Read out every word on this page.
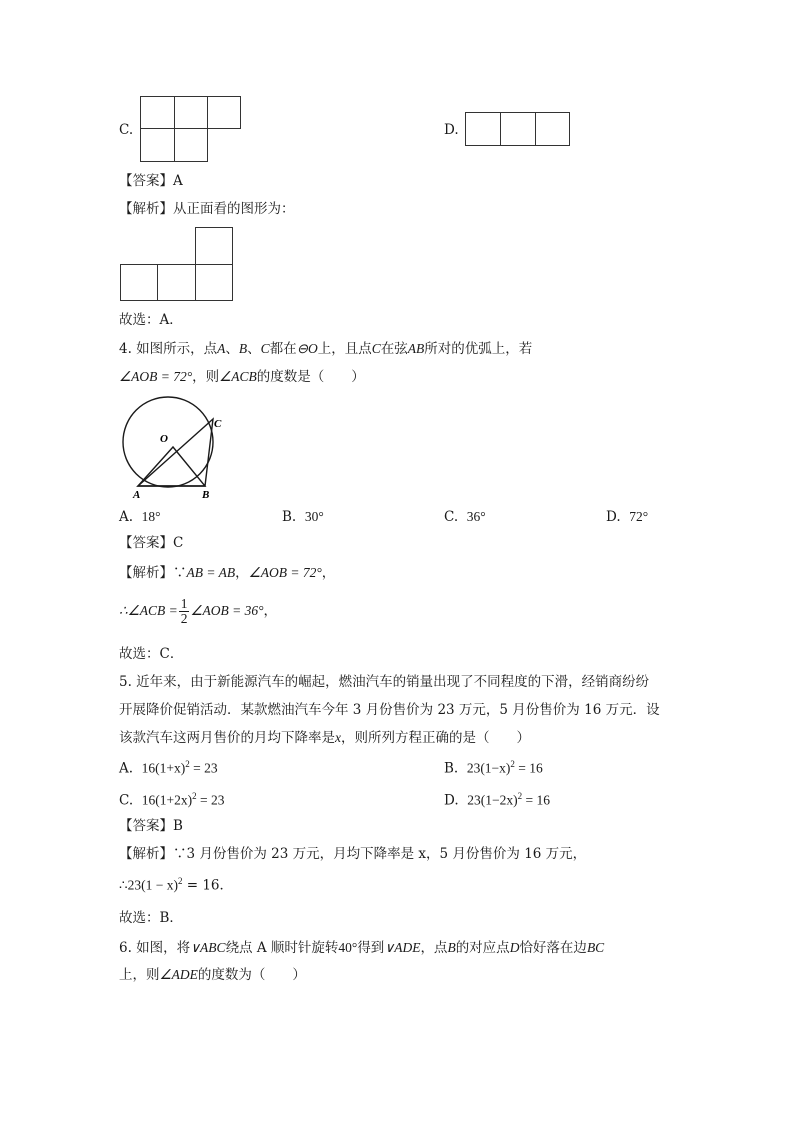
C.	D.
【答案】A
【解析】从正面看的图形为：
故选：A．
4. 如图所示，点A、B、C都在⊖O上，且点C在弦AB所对的优弧上，若
∠AOB = 72°，则∠ACB的度数是（　　）
O
A	B
C
A. 18°	B. 30°	C. 36°	D. 72°
【答案】C
【解析】∵AB = AB，∠AOB = 72°，
∴∠ACB = $\frac{1}{2}$ ∠AOB = 36°，
故选：C．
5. 近年来，由于新能源汽车的崛起，燃油汽车的销量出现了不同程度的下滑，经销商纷纷
开展降价促销活动．某款燃油汽车今年 3 月份售价为 23 万元，5 月份售价为 16 万元．设
该款汽车这两月售价的月均下降率是x，则所列方程正确的是（　　）
A. $16(1+x)^2 = 23$	B. $23(1-x)^2 = 16$
C. $16(1+2x)^2 = 23$	D. $23(1-2x)^2 = 16$
【答案】B
【解析】∵3 月份售价为 23 万元，月均下降率是 x，5 月份售价为 16 万元，
∴23(1 − x)$^2$ = 16．
故选：B．
6. 如图，将∨ABC绕点 A 顺时针旋转40°得到∨ADE，点B的对应点D恰好落在边BC
上，则∠ADE的度数为（　　）
